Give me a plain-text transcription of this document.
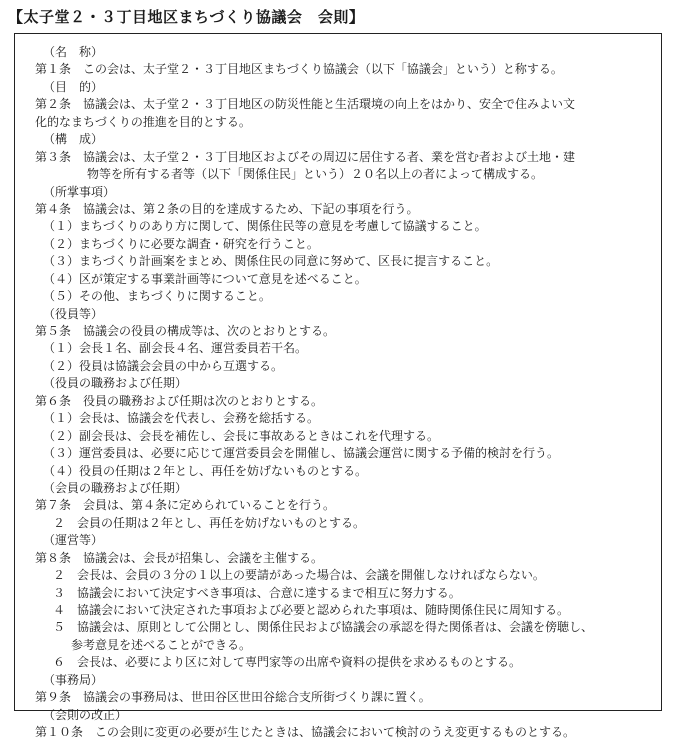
【太子堂２・３丁目地区まちづくり協議会　会則】
（名　称）
第１条　この会は、太子堂２・３丁目地区まちづくり協議会（以下「協議会」という）と称する。
（目　的）
第２条　協議会は、太子堂２・３丁目地区の防災性能と生活環境の向上をはかり、安全で住みよい文
化的なまちづくりの推進を目的とする。
（構　成）
第３条　協議会は、太子堂２・３丁目地区およびその周辺に居住する者、業を営む者および土地・建
物等を所有する者等（以下「関係住民」という）２０名以上の者によって構成する。
（所掌事項）
第４条　協議会は、第２条の目的を達成するため、下記の事項を行う。
（１）まちづくりのあり方に関して、関係住民等の意見を考慮して協議すること。
（２）まちづくりに必要な調査・研究を行うこと。
（３）まちづくり計画案をまとめ、関係住民の同意に努めて、区長に提言すること。
（４）区が策定する事業計画等について意見を述べること。
（５）その他、まちづくりに関すること。
（役員等）
第５条　協議会の役員の構成等は、次のとおりとする。
（１）会長１名、副会長４名、運営委員若干名。
（２）役員は協議会会員の中から互選する。
（役員の職務および任期）
第６条　役員の職務および任期は次のとおりとする。
（１）会長は、協議会を代表し、会務を総括する。
（２）副会長は、会長を補佐し、会長に事故あるときはこれを代理する。
（３）運営委員は、必要に応じて運営委員会を開催し、協議会運営に関する予備的検討を行う。
（４）役員の任期は２年とし、再任を妨げないものとする。
（会員の職務および任期）
第７条　会員は、第４条に定められていることを行う。
２　会員の任期は２年とし、再任を妨げないものとする。
（運営等）
第８条　協議会は、会長が招集し、会議を主催する。
２　会長は、会員の３分の１以上の要請があった場合は、会議を開催しなければならない。
３　協議会において決定すべき事項は、合意に達するまで相互に努力する。
４　協議会において決定された事項および必要と認められた事項は、随時関係住民に周知する。
５　協議会は、原則として公開とし、関係住民および協議会の承認を得た関係者は、会議を傍聴し、
参考意見を述べることができる。
６　会長は、必要により区に対して専門家等の出席や資料の提供を求めるものとする。
（事務局）
第９条　協議会の事務局は、世田谷区世田谷総合支所街づくり課に置く。
（会則の改正）
第１０条　この会則に変更の必要が生じたときは、協議会において検討のうえ変更するものとする。
